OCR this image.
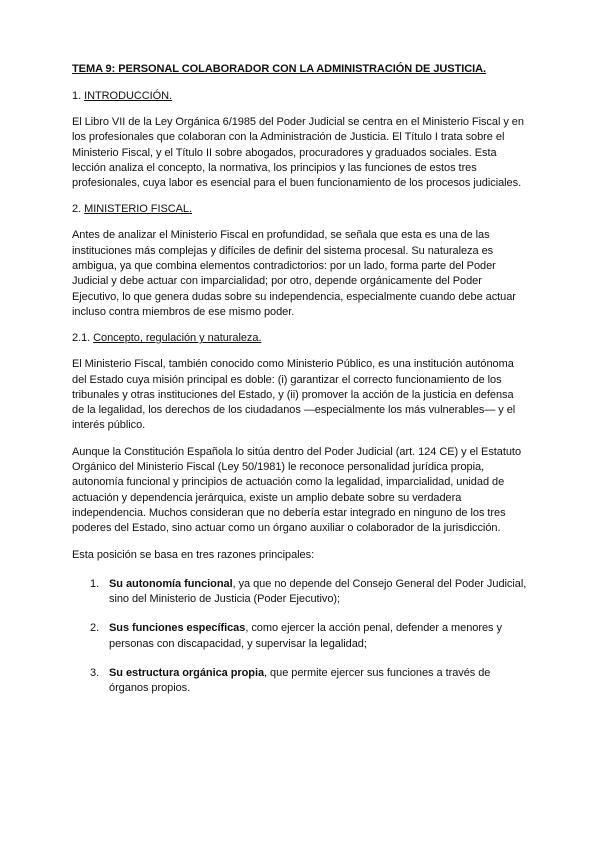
TEMA 9: PERSONAL COLABORADOR CON LA ADMINISTRACIÓN DE JUSTICIA.
1. INTRODUCCIÓN.

El Libro VII de la Ley Orgánica 6/1985 del Poder Judicial se centra en el Ministerio Fiscal y en los profesionales que colaboran con la Administración de Justicia. El Título I trata sobre el Ministerio Fiscal, y el Título II sobre abogados, procuradores y graduados sociales. Esta lección analiza el concepto, la normativa, los principios y las funciones de estos tres profesionales, cuya labor es esencial para el buen funcionamiento de los procesos judiciales.

2. MINISTERIO FISCAL.

Antes de analizar el Ministerio Fiscal en profundidad, se señala que esta es una de las instituciones más complejas y difíciles de definir del sistema procesal. Su naturaleza es ambigua, ya que combina elementos contradictorios: por un lado, forma parte del Poder Judicial y debe actuar con imparcialidad; por otro, depende orgánicamente del Poder Ejecutivo, lo que genera dudas sobre su independencia, especialmente cuando debe actuar incluso contra miembros de ese mismo poder.

2.1. Concepto, regulación y naturaleza.

El Ministerio Fiscal, también conocido como Ministerio Público, es una institución autónoma del Estado cuya misión principal es doble: (i) garantizar el correcto funcionamiento de los tribunales y otras instituciones del Estado, y (ii) promover la acción de la justicia en defensa de la legalidad, los derechos de los ciudadanos —especialmente los más vulnerables— y el interés público.

Aunque la Constitución Española lo sitúa dentro del Poder Judicial (art. 124 CE) y el Estatuto Orgánico del Ministerio Fiscal (Ley 50/1981) le reconoce personalidad jurídica propia, autonomía funcional y principios de actuación como la legalidad, imparcialidad, unidad de actuación y dependencia jerárquica, existe un amplio debate sobre su verdadera independencia. Muchos consideran que no debería estar integrado en ninguno de los tres poderes del Estado, sino actuar como un órgano auxiliar o colaborador de la jurisdicción.

Esta posición se basa en tres razones principales:

1. Su autonomía funcional, ya que no depende del Consejo General del Poder Judicial, sino del Ministerio de Justicia (Poder Ejecutivo);
2. Sus funciones específicas, como ejercer la acción penal, defender a menores y personas con discapacidad, y supervisar la legalidad;
3. Su estructura orgánica propia, que permite ejercer sus funciones a través de órganos propios.
